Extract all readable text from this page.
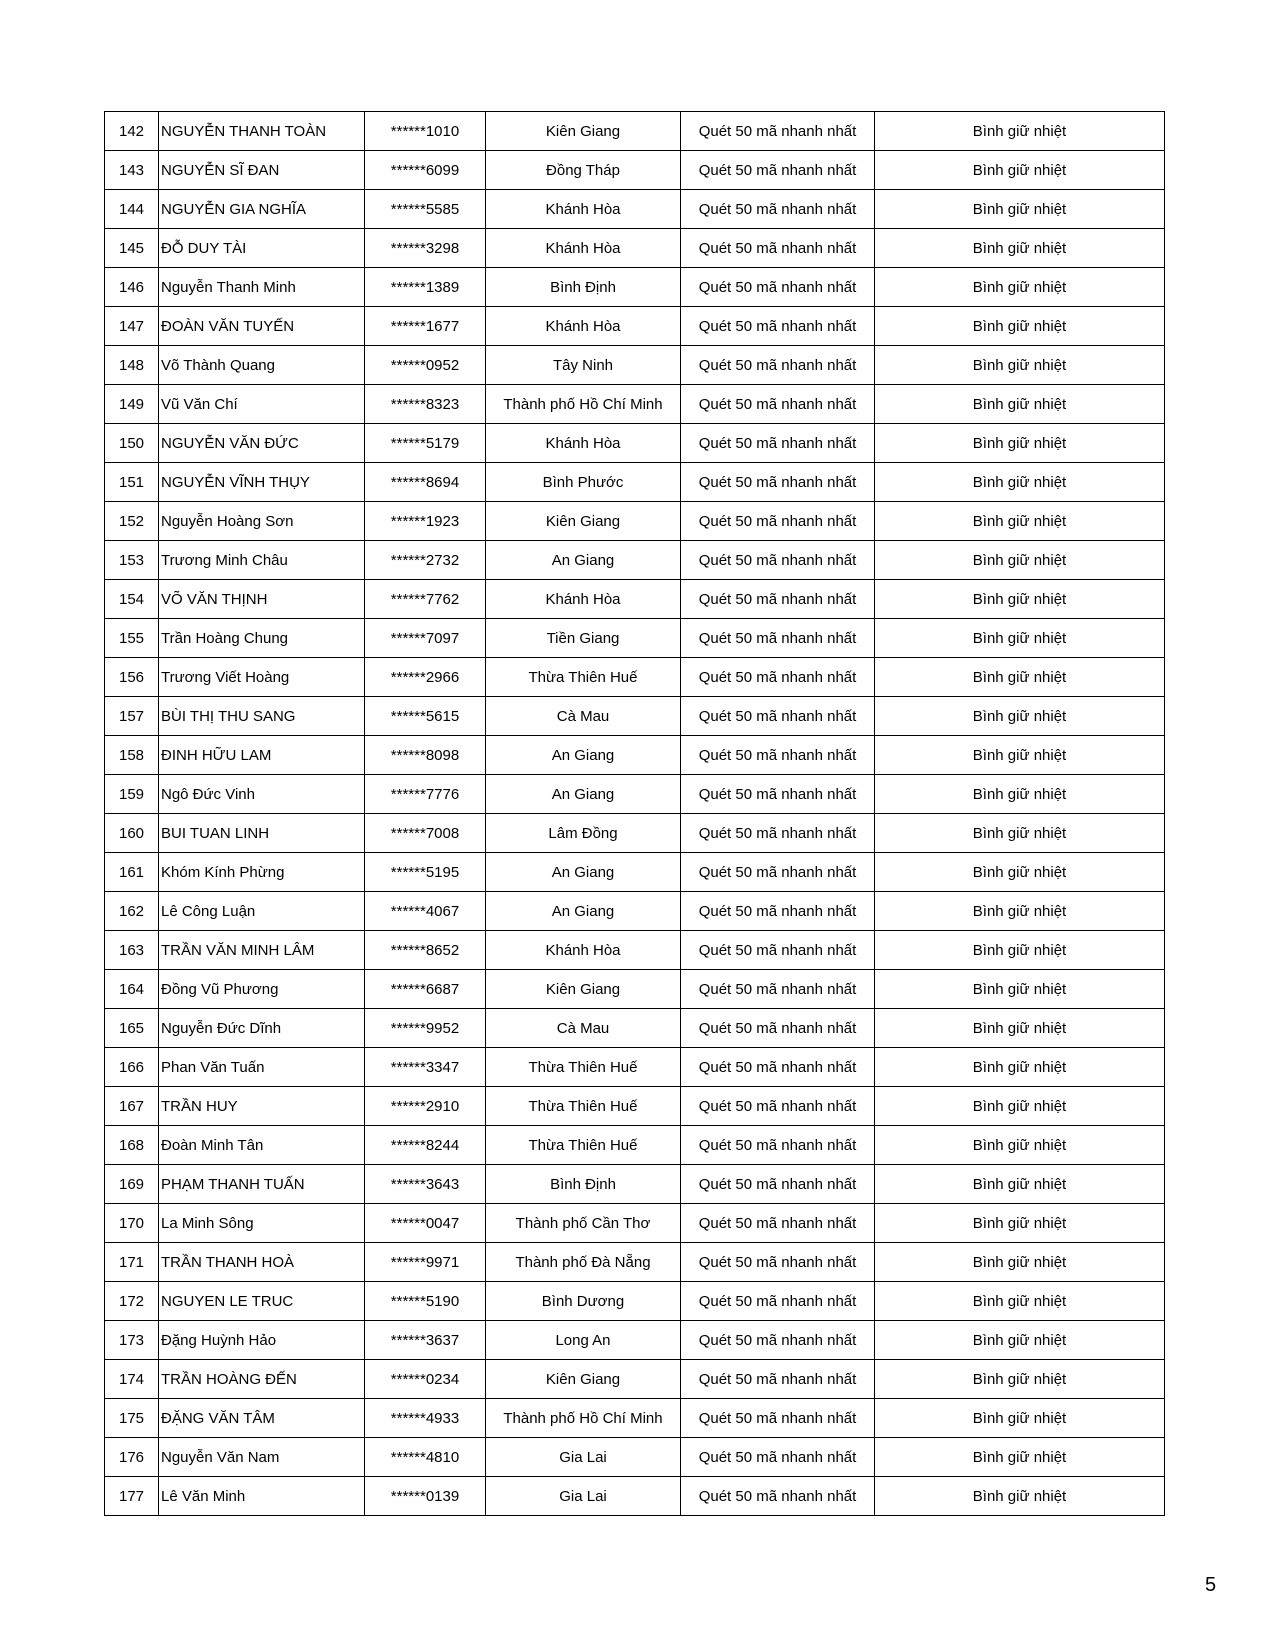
142	NGUYỄN THANH TOÀN	******1010	Kiên Giang	Quét 50 mã nhanh nhất	Bình giữ nhiệt
143	NGUYỄN SĨ ĐAN	******6099	Đồng Tháp	Quét 50 mã nhanh nhất	Bình giữ nhiệt
144	NGUYỄN GIA NGHĨA	******5585	Khánh Hòa	Quét 50 mã nhanh nhất	Bình giữ nhiệt
145	ĐỖ DUY TÀI	******3298	Khánh Hòa	Quét 50 mã nhanh nhất	Bình giữ nhiệt
146	Nguyễn Thanh Minh	******1389	Bình Định	Quét 50 mã nhanh nhất	Bình giữ nhiệt
147	ĐOÀN VĂN TUYẾN	******1677	Khánh Hòa	Quét 50 mã nhanh nhất	Bình giữ nhiệt
148	Võ Thành Quang	******0952	Tây Ninh	Quét 50 mã nhanh nhất	Bình giữ nhiệt
149	Vũ Văn Chí	******8323	Thành phố Hồ Chí Minh	Quét 50 mã nhanh nhất	Bình giữ nhiệt
150	NGUYỄN VĂN ĐỨC	******5179	Khánh Hòa	Quét 50 mã nhanh nhất	Bình giữ nhiệt
151	NGUYỄN VĨNH THỤY	******8694	Bình Phước	Quét 50 mã nhanh nhất	Bình giữ nhiệt
152	Nguyễn Hoàng Sơn	******1923	Kiên Giang	Quét 50 mã nhanh nhất	Bình giữ nhiệt
153	Trương Minh Châu	******2732	An Giang	Quét 50 mã nhanh nhất	Bình giữ nhiệt
154	VÕ VĂN THỊNH	******7762	Khánh Hòa	Quét 50 mã nhanh nhất	Bình giữ nhiệt
155	Trần Hoàng Chung	******7097	Tiền Giang	Quét 50 mã nhanh nhất	Bình giữ nhiệt
156	Trương Viết Hoàng	******2966	Thừa Thiên Huế	Quét 50 mã nhanh nhất	Bình giữ nhiệt
157	BÙI THỊ THU SANG	******5615	Cà Mau	Quét 50 mã nhanh nhất	Bình giữ nhiệt
158	ĐINH HỮU LAM	******8098	An Giang	Quét 50 mã nhanh nhất	Bình giữ nhiệt
159	Ngô Đức Vinh	******7776	An Giang	Quét 50 mã nhanh nhất	Bình giữ nhiệt
160	BUI TUAN LINH	******7008	Lâm Đồng	Quét 50 mã nhanh nhất	Bình giữ nhiệt
161	Khóm Kính Phừng	******5195	An Giang	Quét 50 mã nhanh nhất	Bình giữ nhiệt
162	Lê Công Luận	******4067	An Giang	Quét 50 mã nhanh nhất	Bình giữ nhiệt
163	TRẦN VĂN MINH LÂM	******8652	Khánh Hòa	Quét 50 mã nhanh nhất	Bình giữ nhiệt
164	Đồng Vũ Phương	******6687	Kiên Giang	Quét 50 mã nhanh nhất	Bình giữ nhiệt
165	Nguyễn Đức Dĩnh	******9952	Cà Mau	Quét 50 mã nhanh nhất	Bình giữ nhiệt
166	Phan Văn Tuấn	******3347	Thừa Thiên Huế	Quét 50 mã nhanh nhất	Bình giữ nhiệt
167	TRẦN HUY	******2910	Thừa Thiên Huế	Quét 50 mã nhanh nhất	Bình giữ nhiệt
168	Đoàn Minh Tân	******8244	Thừa Thiên Huế	Quét 50 mã nhanh nhất	Bình giữ nhiệt
169	PHẠM THANH TUẤN	******3643	Bình Định	Quét 50 mã nhanh nhất	Bình giữ nhiệt
170	La Minh Sông	******0047	Thành phố Cần Thơ	Quét 50 mã nhanh nhất	Bình giữ nhiệt
171	TRẦN THANH HOÀ	******9971	Thành phố Đà Nẵng	Quét 50 mã nhanh nhất	Bình giữ nhiệt
172	NGUYEN LE TRUC	******5190	Bình Dương	Quét 50 mã nhanh nhất	Bình giữ nhiệt
173	Đặng Huỳnh Hảo	******3637	Long An	Quét 50 mã nhanh nhất	Bình giữ nhiệt
174	TRẦN HOÀNG ĐẾN	******0234	Kiên Giang	Quét 50 mã nhanh nhất	Bình giữ nhiệt
175	ĐẶNG VĂN TÂM	******4933	Thành phố Hồ Chí Minh	Quét 50 mã nhanh nhất	Bình giữ nhiệt
176	Nguyễn Văn Nam	******4810	Gia Lai	Quét 50 mã nhanh nhất	Bình giữ nhiệt
177	Lê Văn Minh	******0139	Gia Lai	Quét 50 mã nhanh nhất	Bình giữ nhiệt
5
